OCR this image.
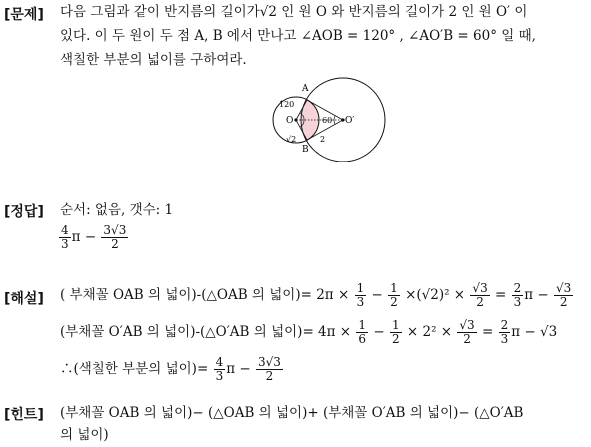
[문제] 다음 그림과 같이 반지름의 길이가√2 인 원 O 와 반지름의 길이가 2 인 원 O′ 이
있다. 이 두 원이 두 점 A, B 에서 만나고 ∠AOB = 120° , ∠AO′B = 60° 일 때,
색칠한 부분의 넓이를 구하여라.
A
B
O	O′
120
60
√2	2
[정답] 순서: 없음, 갯수: 1
$\frac{4}{3}$ $\pi - \frac{3√3}{2}$
[해설] ( 부채꼴 OAB 의 넓이)-(△OAB 의 넓이)= $2\pi \times \frac{1}{3} - \frac{1}{2} \times(√2)^2 \times \frac{√3}{2} = \frac{2}{3}$ $\pi - \frac{√3}{2}$
(부채꼴 O′AB 의 넓이)-(△O′AB 의 넓이)= $4\pi \times \frac{1}{6} - \frac{1}{2} \times 2^2 \times \frac{√3}{2} = \frac{2}{3}$ π − √3
∴(색칠한 부분의 넓이)= $\frac{4}{3}$ $\pi - \frac{3√3}{2}$
[힌트] (부채꼴 OAB 의 넓이)− (△OAB 의 넓이)+ (부채꼴 O′AB 의 넓이)− (△O′AB
의 넓이)
